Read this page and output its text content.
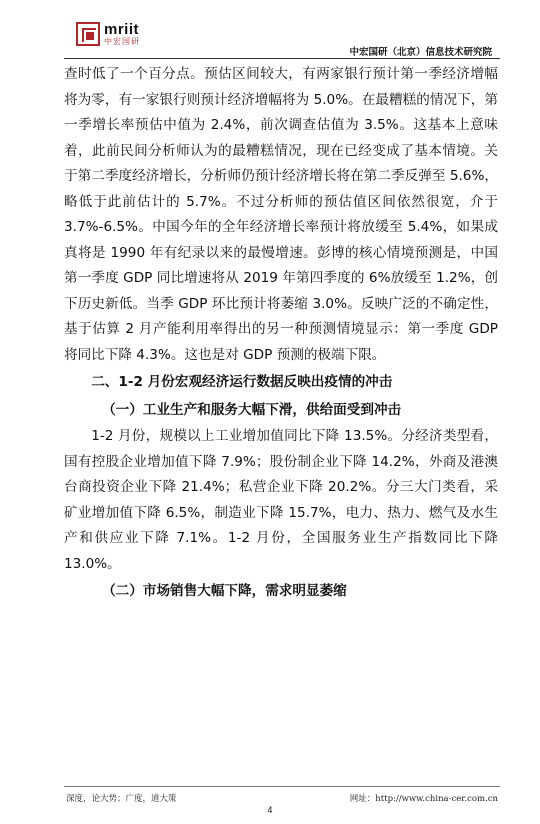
mriit
中宏国研
中宏国研（北京）信息技术研究院

查时低了一个百分点。预估区间较大，有两家银行预计第一季经济增幅将为零，有一家银行则预计经济增幅将为 5.0%。在最糟糕的情况下，第一季增长率预估中值为 2.4%，前次调查估值为 3.5%。这基本上意味着，此前民间分析师认为的最糟糕情况，现在已经变成了基本情境。关于第二季度经济增长，分析师仍预计经济增长将在第二季反弹至 5.6%，略低于此前估计的 5.7%。不过分析师的预估值区间依然很宽，介于 3.7%-6.5%。中国今年的全年经济增长率预计将放缓至 5.4%，如果成真将是 1990 年有纪录以来的最慢增速。彭博的核心情境预测是，中国第一季度 GDP 同比增速将从 2019 年第四季度的 6%放缓至 1.2%，创下历史新低。当季 GDP 环比预计将萎缩 3.0%。反映广泛的不确定性，基于估算 2 月产能利用率得出的另一种预测情境显示：第一季度 GDP 将同比下降 4.3%。这也是对 GDP 预测的极端下限。

二、1-2 月份宏观经济运行数据反映出疫情的冲击
（一）工业生产和服务大幅下滑，供给面受到冲击

1-2 月份，规模以上工业增加值同比下降 13.5%。分经济类型看，国有控股企业增加值下降 7.9%；股份制企业下降 14.2%，外商及港澳台商投资企业下降 21.4%；私营企业下降 20.2%。分三大门类看，采矿业增加值下降 6.5%，制造业下降 15.7%，电力、热力、燃气及水生产和供应业下降 7.1%。1-2 月份，全国服务业生产指数同比下降 13.0%。

（二）市场销售大幅下降，需求明显萎缩
深度，论大势；广度，道大策	网址：http://www.china-cer.com.cn
4
